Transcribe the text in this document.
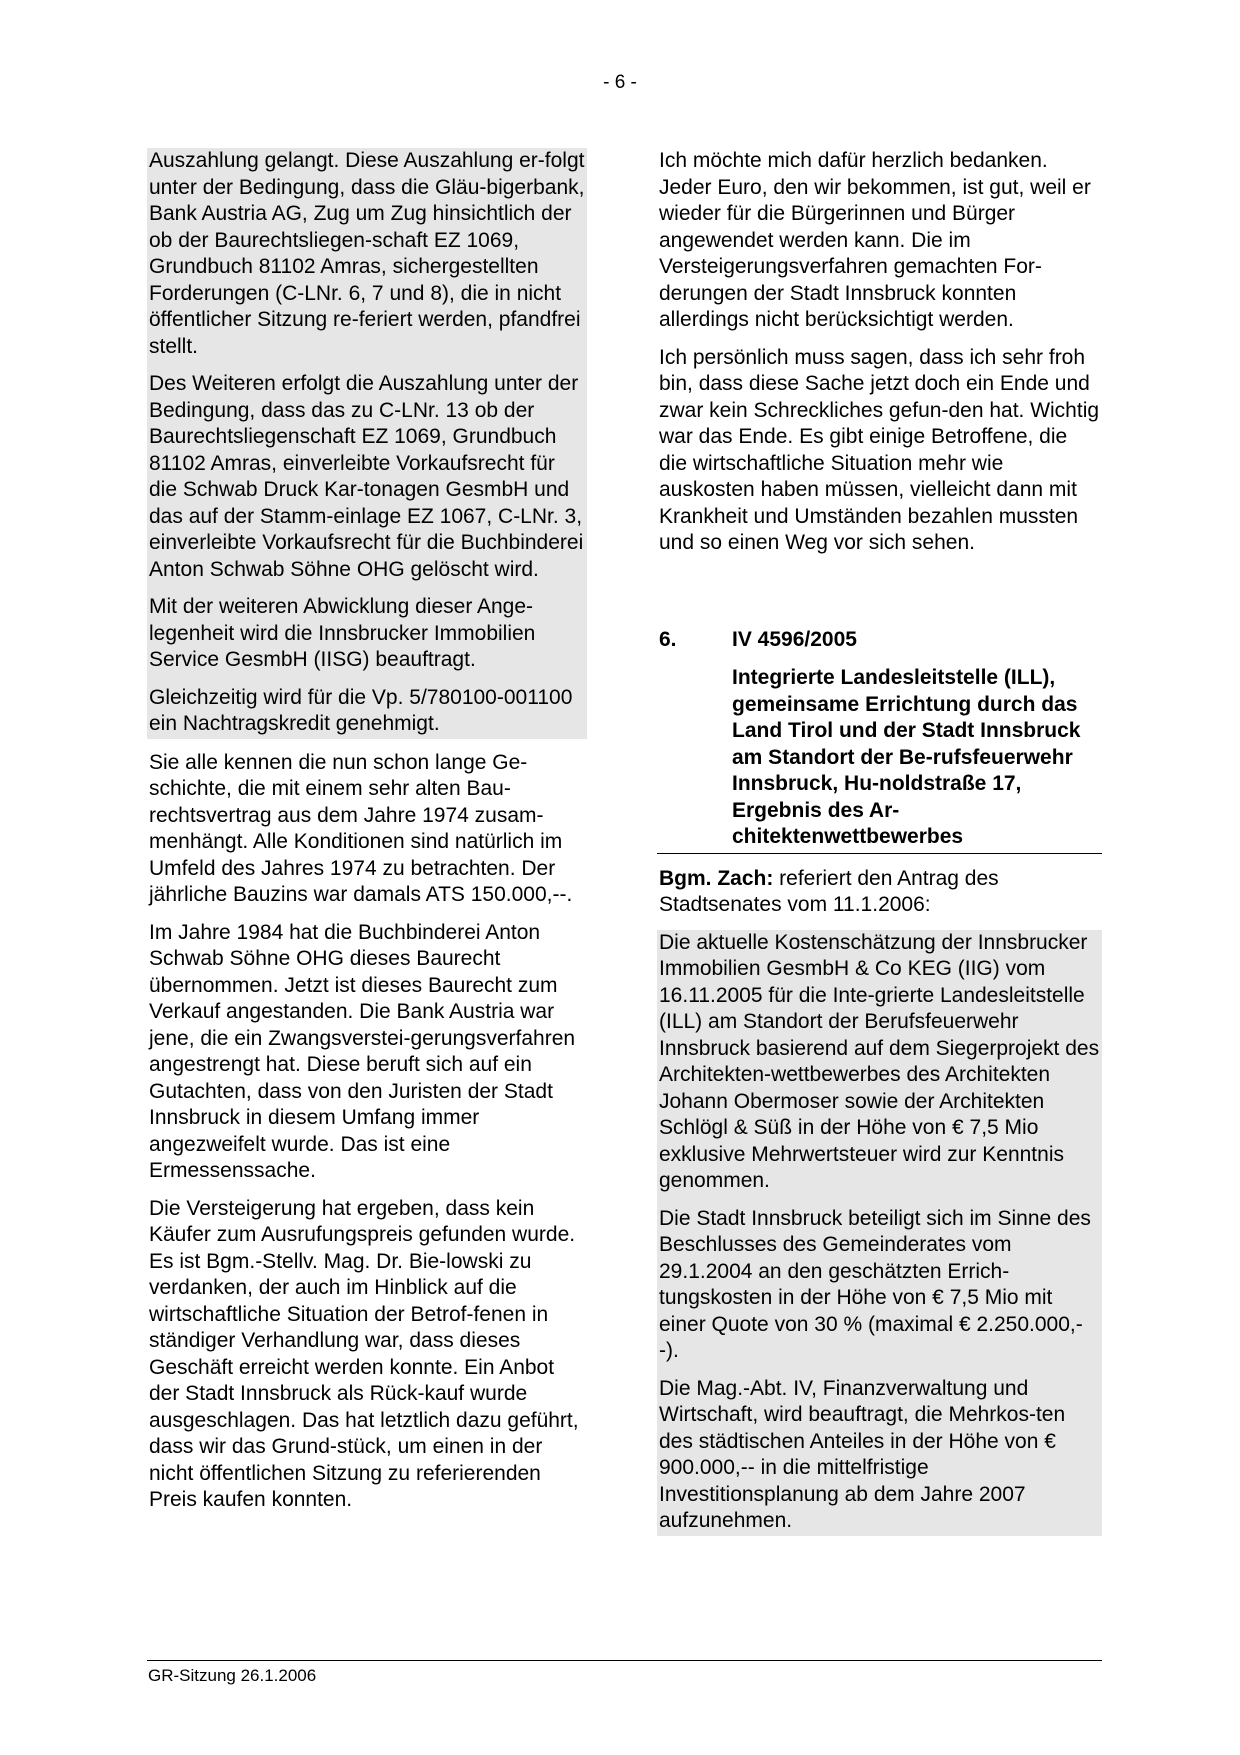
- 6 -

Auszahlung gelangt. Diese Auszahlung er-folgt unter der Bedingung, dass die Gläu-bigerbank, Bank Austria AG, Zug um Zug hinsichtlich der ob der Baurechtsliegen-schaft EZ 1069, Grundbuch 81102 Amras, sichergestellten Forderungen (C-LNr. 6, 7 und 8), die in nicht öffentlicher Sitzung re-feriert werden, pfandfrei stellt.

Des Weiteren erfolgt die Auszahlung unter der Bedingung, dass das zu C-LNr. 13 ob der Baurechtsliegenschaft EZ 1069, Grundbuch 81102 Amras, einverleibte Vorkaufsrecht für die Schwab Druck Kar-tonagen GesmbH und das auf der Stamm-einlage EZ 1067, C-LNr. 3, einverleibte Vorkaufsrecht für die Buchbinderei Anton Schwab Söhne OHG gelöscht wird.

Mit der weiteren Abwicklung dieser Ange-legenheit wird die Innsbrucker Immobilien Service GesmbH (IISG) beauftragt.

Gleichzeitig wird für die Vp. 5/780100-001100 ein Nachtragskredit genehmigt.

Sie alle kennen die nun schon lange Ge-schichte, die mit einem sehr alten Bau-rechtsvertrag aus dem Jahre 1974 zusam-menhängt. Alle Konditionen sind natürlich im Umfeld des Jahres 1974 zu betrachten. Der jährliche Bauzins war damals ATS 150.000,--.

Im Jahre 1984 hat die Buchbinderei Anton Schwab Söhne OHG dieses Baurecht übernommen. Jetzt ist dieses Baurecht zum Verkauf angestanden. Die Bank Austria war jene, die ein Zwangsverstei-gerungsverfahren angestrengt hat. Diese beruft sich auf ein Gutachten, dass von den Juristen der Stadt Innsbruck in diesem Umfang immer angezweifelt wurde. Das ist eine Ermessenssache.

Die Versteigerung hat ergeben, dass kein Käufer zum Ausrufungspreis gefunden wurde. Es ist Bgm.-Stellv. Mag. Dr. Bie-lowski zu verdanken, der auch im Hinblick auf die wirtschaftliche Situation der Betrof-fenen in ständiger Verhandlung war, dass dieses Geschäft erreicht werden konnte. Ein Anbot der Stadt Innsbruck als Rück-kauf wurde ausgeschlagen. Das hat letztlich dazu geführt, dass wir das Grund-stück, um einen in der nicht öffentlichen Sitzung zu referierenden Preis kaufen konnten.

Ich möchte mich dafür herzlich bedanken. Jeder Euro, den wir bekommen, ist gut, weil er wieder für die Bürgerinnen und Bürger angewendet werden kann. Die im Versteigerungsverfahren gemachten For-derungen der Stadt Innsbruck konnten allerdings nicht berücksichtigt werden.

Ich persönlich muss sagen, dass ich sehr froh bin, dass diese Sache jetzt doch ein Ende und zwar kein Schreckliches gefun-den hat. Wichtig war das Ende. Es gibt einige Betroffene, die die wirtschaftliche Situation mehr wie auskosten haben müssen, vielleicht dann mit Krankheit und Umständen bezahlen mussten und so einen Weg vor sich sehen.

6.	IV 4596/2005
Integrierte Landesleitstelle (ILL), gemeinsame Errichtung durch das Land Tirol und der Stadt Innsbruck am Standort der Be-rufsfeuerwehr Innsbruck, Hu-noldstraße 17, Ergebnis des Ar-chitektenwettbewerbes

Bgm. Zach: referiert den Antrag des Stadtsenates vom 11.1.2006:

Die aktuelle Kostenschätzung der Innsbrucker Immobilien GesmbH & Co KEG (IIG) vom 16.11.2005 für die Inte-grierte Landesleitstelle (ILL) am Standort der Berufsfeuerwehr Innsbruck basierend auf dem Siegerprojekt des Architekten-wettbewerbes des Architekten Johann Obermoser sowie der Architekten Schlögl & Süß in der Höhe von € 7,5 Mio exklusive Mehrwertsteuer wird zur Kenntnis genommen.

Die Stadt Innsbruck beteiligt sich im Sinne des Beschlusses des Gemeinderates vom 29.1.2004 an den geschätzten Errich-tungskosten in der Höhe von € 7,5 Mio mit einer Quote von 30 % (maximal € 2.250.000,--).

Die Mag.-Abt. IV, Finanzverwaltung und Wirtschaft, wird beauftragt, die Mehrkos-ten des städtischen Anteiles in der Höhe von € 900.000,-- in die mittelfristige Investitionsplanung ab dem Jahre 2007 aufzunehmen.

GR-Sitzung 26.1.2006
